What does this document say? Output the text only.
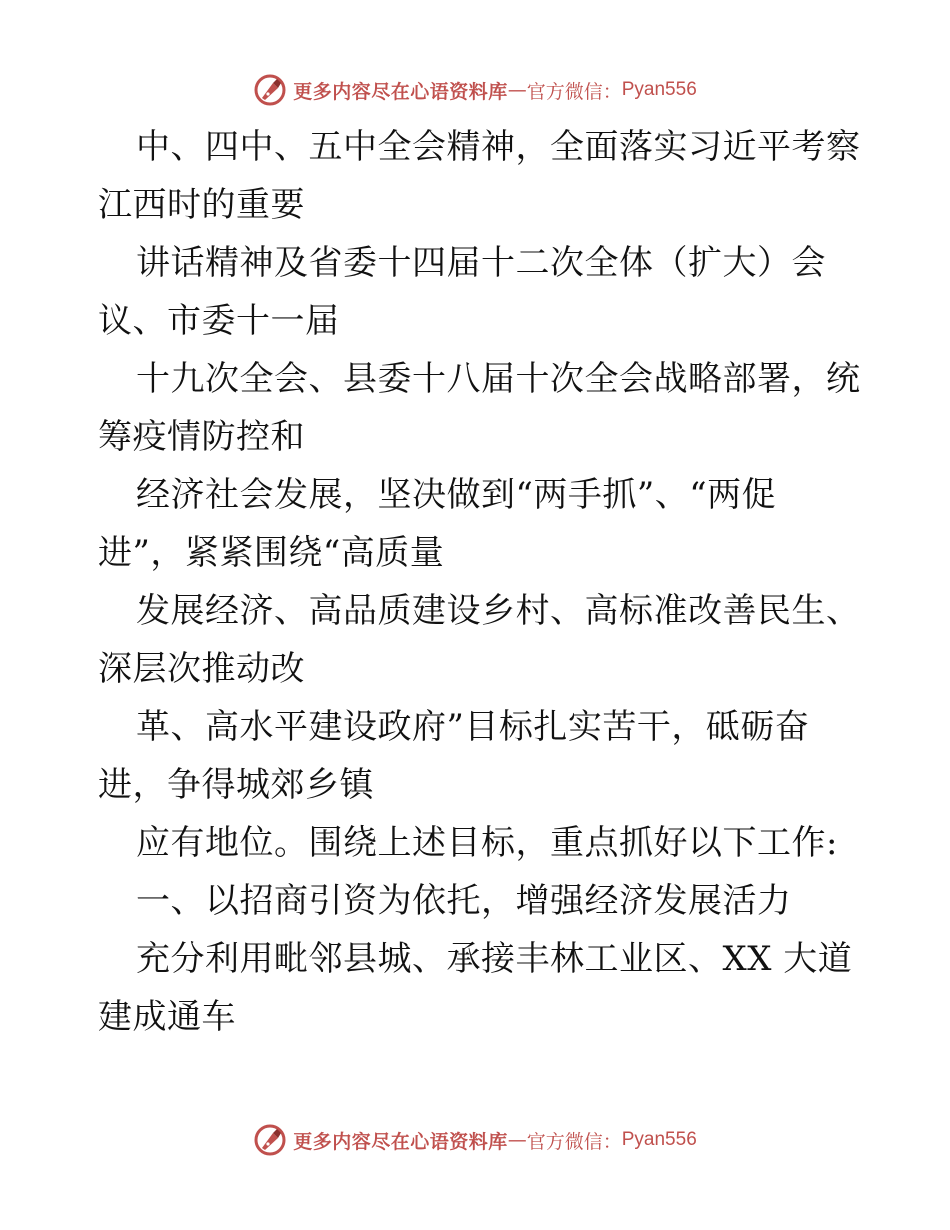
更多内容尽在心语资料库 — 官方微信： Pyan556
中、四中、五中全会精神，全面落实习近平考察
江西时的重要
讲话精神及省委十四届十二次全体（扩大）会
议、市委十一届
十九次全会、县委十八届十次全会战略部署，统
筹疫情防控和
经济社会发展，坚决做到“两手抓”、“两促
进”，紧紧围绕“高质量
发展经济、高品质建设乡村、高标准改善民生、
深层次推动改
革、高水平建设政府”目标扎实苦干，砥砺奋
进，争得城郊乡镇
应有地位。围绕上述目标，重点抓好以下工作:
一、以招商引资为依托，增强经济发展活力
充分利用毗邻县城、承接丰林工业区、XX 大道
建成通车
更多内容尽在心语资料库 — 官方微信： Pyan556
